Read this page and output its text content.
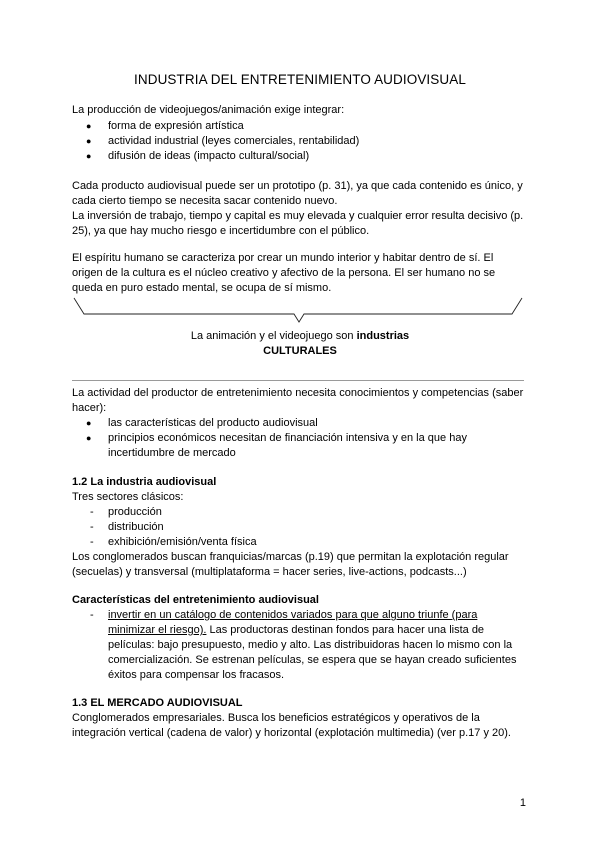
INDUSTRIA DEL ENTRETENIMIENTO AUDIOVISUAL
La producción de videojuegos/animación exige integrar:
●	forma de expresión artística
●	actividad industrial (leyes comerciales, rentabilidad)
●	difusión de ideas (impacto cultural/social)
Cada producto audiovisual puede ser un prototipo (p. 31), ya que cada contenido es único, y
cada cierto tiempo se necesita sacar contenido nuevo.
La inversión de trabajo, tiempo y capital es muy elevada y cualquier error resulta decisivo (p.
25), ya que hay mucho riesgo e incertidumbre con el público.
El espíritu humano se caracteriza por crear un mundo interior y habitar dentro de sí. El
origen de la cultura es el núcleo creativo y afectivo de la persona. El ser humano no se
queda en puro estado mental, se ocupa de sí mismo.
La animación y el videojuego son industrias
CULTURALES
La actividad del productor de entretenimiento necesita conocimientos y competencias (saber
hacer):
●	las características del producto audiovisual
●	principios económicos necesitan de financiación intensiva y en la que hay
incertidumbre de mercado
1.2 La industria audiovisual
Tres sectores clásicos:
- producción
- distribución
- exhibición/emisión/venta física
Los conglomerados buscan franquicias/marcas (p.19) que permitan la explotación regular
(secuelas) y transversal (multiplataforma = hacer series, live-actions, podcasts...)
Características del entretenimiento audiovisual
- invertir en un catálogo de contenidos variados para que alguno triunfe (para
minimizar el riesgo). Las productoras destinan fondos para hacer una lista de
películas: bajo presupuesto, medio y alto. Las distribuidoras hacen lo mismo con la
comercialización. Se estrenan películas, se espera que se hayan creado suficientes
éxitos para compensar los fracasos.
1.3 EL MERCADO AUDIOVISUAL
Conglomerados empresariales. Busca los beneficios estratégicos y operativos de la
integración vertical (cadena de valor) y horizontal (explotación multimedia) (ver p.17 y 20).
1
